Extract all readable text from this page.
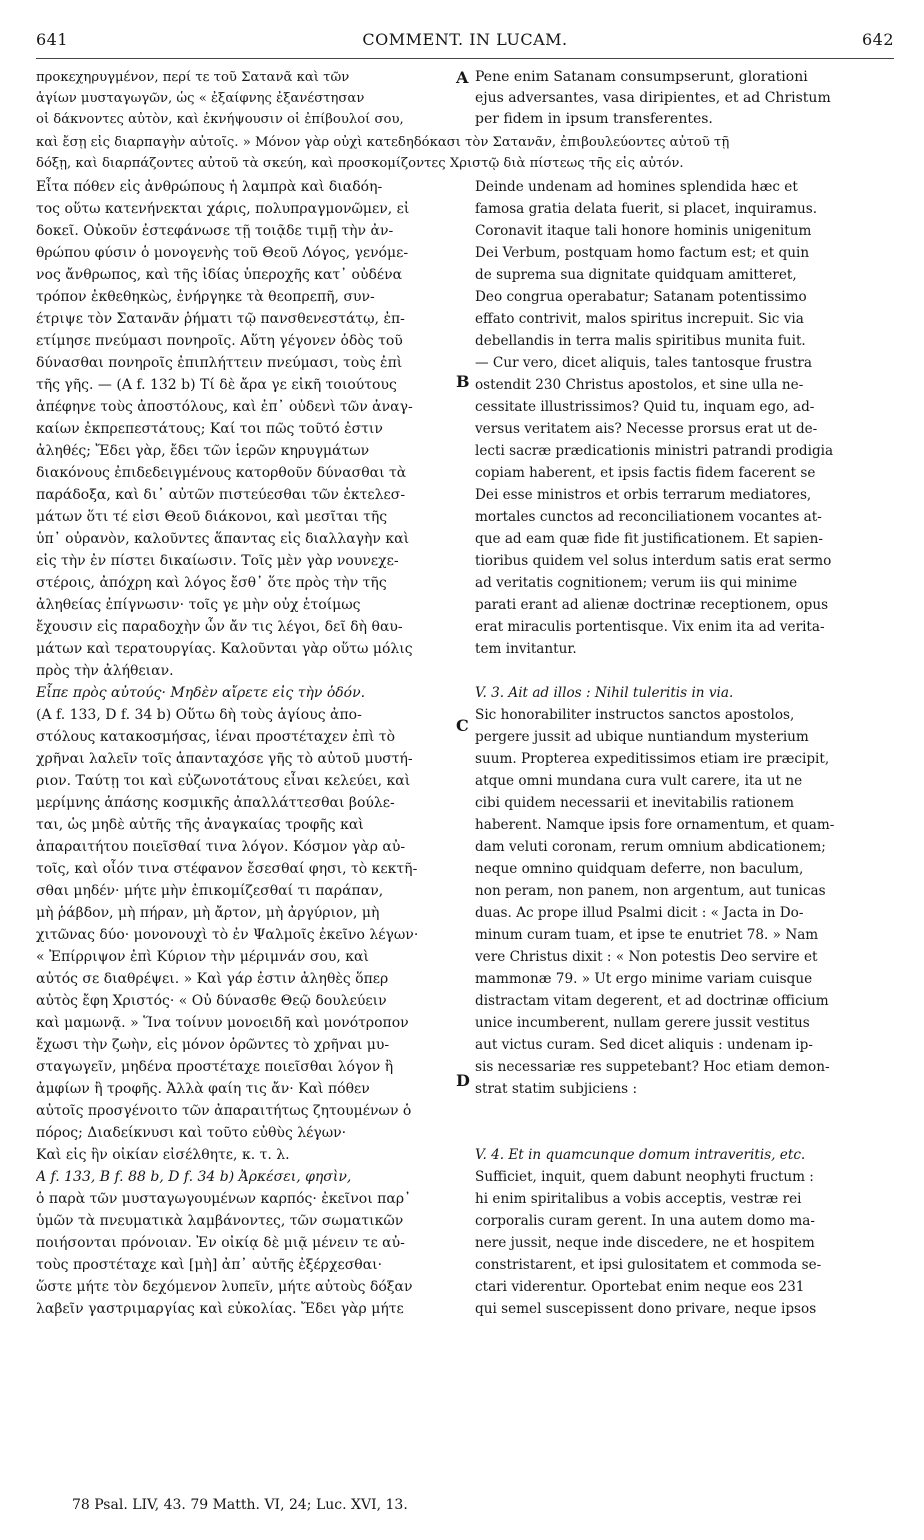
641	COMMENT. IN LUCAM.	642
προκεχηρυγμένον, περί τε τοῦ Σατανᾶ καὶ τῶν
ἁγίων μυσταγωγῶν, ὡς « ἐξαίφνης ἐξανέστησαν
οἱ δάκνοντες αὐτὸν, καὶ ἐκνήψουσιν οἱ ἐπίβουλοί σου,
καὶ ἔσῃ εἰς διαρπαγὴν αὐτοῖς. » Μόνον γὰρ οὐχὶ κατεδηδόκασι τὸν Σατανᾶν, ἐπιβουλεύοντες αὐτοῦ τῇ
δόξῃ, καὶ διαρπάζοντες αὐτοῦ τὰ σκεύη, καὶ προσκομίζοντες Χριστῷ διὰ πίστεως τῆς εἰς αὐτόν.
Pene enim Satanam consumpserunt, glorationi
ejus adversantes, vasa diripientes, et ad Christum
per fidem in ipsum transferentes.
A
B
C
D
Εἶτα πόθεν εἰς ἀνθρώπους ἡ λαμπρὰ καὶ διαδόη-
τος οὕτω κατενήνεκται χάρις, πολυπραγμονῶμεν, εἰ
δοκεῖ. Οὐκοῦν ἐστεφάνωσε τῇ τοιᾷδε τιμῇ τὴν ἀν-
θρώπου φύσιν ὁ μονογενὴς τοῦ Θεοῦ Λόγος, γενόμε-
νος ἄνθρωπος, καὶ τῆς ἰδίας ὑπεροχῆς κατ᾽ οὐδένα
τρόπον ἐκθεθηκὼς, ἐνήργηκε τὰ θεοπρεπῆ, συν-
έτριψε τὸν Σατανᾶν ῥήματι τῷ πανσθενεστάτῳ, ἐπ-
ετίμησε πνεύμασι πονηροῖς. Αὕτη γέγονεν ὁδὸς τοῦ
δύνασθαι πονηροῖς ἐπιπλήττειν πνεύμασι, τοὺς ἐπὶ
τῆς γῆς. — (A f. 132 b) Τί δὲ ἄρα γε εἰκῆ τοιούτους
ἀπέφηνε τοὺς ἀποστόλους, καὶ ἐπ᾽ οὐδενὶ τῶν ἀναγ-
καίων ἐκπρεπεστάτους; Καί τοι πῶς τοῦτό ἐστιν
ἀληθές; Ἔδει γὰρ, ἔδει τῶν ἱερῶν κηρυγμάτων
διακόνους ἐπιδεδειγμένους κατορθοῦν δύνασθαι τὰ
παράδοξα, καὶ δι᾽ αὐτῶν πιστεύεσθαι τῶν ἐκτελεσ-
μάτων ὅτι τέ εἰσι Θεοῦ διάκονοι, καὶ μεσῖται τῆς
ὑπ᾽ οὐρανὸν, καλοῦντες ἅπαντας εἰς διαλλαγὴν καὶ
εἰς τὴν ἐν πίστει δικαίωσιν. Τοῖς μὲν γὰρ νουνεχε-
στέροις, ἀπόχρη καὶ λόγος ἔσθ᾽ ὅτε πρὸς τὴν τῆς
ἀληθείας ἐπίγνωσιν· τοῖς γε μὴν οὐχ ἑτοίμως
ἔχουσιν εἰς παραδοχὴν ὧν ἄν τις λέγοι, δεῖ δὴ θαυ-
μάτων καὶ τερατουργίας. Καλοῦνται γὰρ οὕτω μόλις
πρὸς τὴν ἀλήθειαν.
Εἶπε πρὸς αὐτούς· Μηδὲν αἴρετε εἰς τὴν ὁδόν.
(A f. 133, D f. 34 b) Οὕτω δὴ τοὺς ἁγίους ἀπο-
στόλους κατακοσμήσας, ἰέναι προστέταχεν ἐπὶ τὸ
χρῆναι λαλεῖν τοῖς ἁπανταχόσε γῆς τὸ αὐτοῦ μυστή-
ριον. Ταύτῃ τοι καὶ εὐζωνοτάτους εἶναι κελεύει, καὶ
μερίμνης ἁπάσης κοσμικῆς ἀπαλλάττεσθαι βούλε-
ται, ὡς μηδὲ αὐτῆς τῆς ἀναγκαίας τροφῆς καὶ
ἀπαραιτήτου ποιεῖσθαί τινα λόγον. Κόσμον γὰρ αὐ-
τοῖς, καὶ οἷόν τινα στέφανον ἔσεσθαί φησι, τὸ κεκτῆ-
σθαι μηδέν· μήτε μὴν ἐπικομίζεσθαί τι παράπαν,
μὴ ῥάβδον, μὴ πήραν, μὴ ἄρτον, μὴ ἀργύριον, μὴ
χιτῶνας δύο· μονονουχὶ τὸ ἐν Ψαλμοῖς ἐκεῖνο λέγων·
« Ἐπίρριψον ἐπὶ Κύριον τὴν μέριμνάν σου, καὶ
αὐτός σε διαθρέψει. » Καὶ γάρ ἐστιν ἀληθὲς ὅπερ
αὐτὸς ἔφη Χριστός· « Οὐ δύνασθε Θεῷ δουλεύειν
καὶ μαμωνᾷ. » Ἵνα τοίνυν μονοειδῆ καὶ μονότροπον
ἔχωσι τὴν ζωὴν, εἰς μόνον ὁρῶντες τὸ χρῆναι μυ-
σταγωγεῖν, μηδένα προστέταχε ποιεῖσθαι λόγον ἢ
ἀμφίων ἢ τροφῆς. Ἀλλὰ φαίη τις ἄν· Καὶ πόθεν
αὐτοῖς προσγένοιτο τῶν ἀπαραιτήτως ζητουμένων ὁ
πόρος; Διαδείκνυσι καὶ τοῦτο εὐθὺς λέγων·
Καὶ εἰς ἣν οἰκίαν εἰσέλθητε, κ. τ. λ.
A f. 133, B f. 88 b, D f. 34 b) Ἀρκέσει, φησὶν,
ὁ παρὰ τῶν μυσταγωγουμένων καρπός· ἐκεῖνοι παρ᾽
ὑμῶν τὰ πνευματικὰ λαμβάνοντες, τῶν σωματικῶν
ποιήσονται πρόνοιαν. Ἐν οἰκίᾳ δὲ μιᾷ μένειν τε αὐ-
τοὺς προστέταχε καὶ [μὴ] ἀπ᾽ αὐτῆς ἐξέρχεσθαι·
ὥστε μήτε τὸν δεχόμενον λυπεῖν, μήτε αὐτοὺς δόξαν
λαβεῖν γαστριμαργίας καὶ εὐκολίας. Ἔδει γὰρ μήτε
Deinde undenam ad homines splendida hæc et
famosa gratia delata fuerit, si placet, inquiramus.
Coronavit itaque tali honore hominis unigenitum
Dei Verbum, postquam homo factum est; et quin
de suprema sua dignitate quidquam amitteret,
Deo congrua operabatur; Satanam potentissimo
effato contrivit, malos spiritus increpuit. Sic via
debellandis in terra malis spiritibus munita fuit.
— Cur vero, dicet aliquis, tales tantosque frustra
ostendit 230 Christus apostolos, et sine ulla ne-
cessitate illustrissimos? Quid tu, inquam ego, ad-
versus veritatem ais? Necesse prorsus erat ut de-
lecti sacræ prædicationis ministri patrandi prodigia
copiam haberent, et ipsis factis fidem facerent se
Dei esse ministros et orbis terrarum mediatores,
mortales cunctos ad reconciliationem vocantes at-
que ad eam quæ fide fit justificationem. Et sapien-
tioribus quidem vel solus interdum satis erat sermo
ad veritatis cognitionem; verum iis qui minime
parati erant ad alienæ doctrinæ receptionem, opus
erat miraculis portentisque. Vix enim ita ad verita-
tem invitantur.
V. 3. Ait ad illos : Nihil tuleritis in via.
Sic honorabiliter instructos sanctos apostolos,
pergere jussit ad ubique nuntiandum mysterium
suum. Propterea expeditissimos etiam ire præcipit,
atque omni mundana cura vult carere, ita ut ne
cibi quidem necessarii et inevitabilis rationem
haberent. Namque ipsis fore ornamentum, et quam-
dam veluti coronam, rerum omnium abdicationem;
neque omnino quidquam deferre, non baculum,
non peram, non panem, non argentum, aut tunicas
duas. Ac prope illud Psalmi dicit : « Jacta in Do-
minum curam tuam, et ipse te enutriet 78. » Nam
vere Christus dixit : « Non potestis Deo servire et
mammonæ 79. » Ut ergo minime variam cuisque
distractam vitam degerent, et ad doctrinæ officium
unice incumberent, nullam gerere jussit vestitus
aut victus curam. Sed dicet aliquis : undenam ip-
sis necessariæ res suppetebant? Hoc etiam demon-
strat statim subjiciens :
V. 4. Et in quamcunque domum intraveritis, etc.
Sufficiet, inquit, quem dabunt neophyti fructum :
hi enim spiritalibus a vobis acceptis, vestræ rei
corporalis curam gerent. In una autem domo ma-
nere jussit, neque inde discedere, ne et hospitem
constristarent, et ipsi gulositatem et commoda se-
ctari viderentur. Oportebat enim neque eos 231
qui semel suscepissent dono privare, neque ipsos
78 Psal. LIV, 43. 79 Matth. VI, 24; Luc. XVI, 13.
